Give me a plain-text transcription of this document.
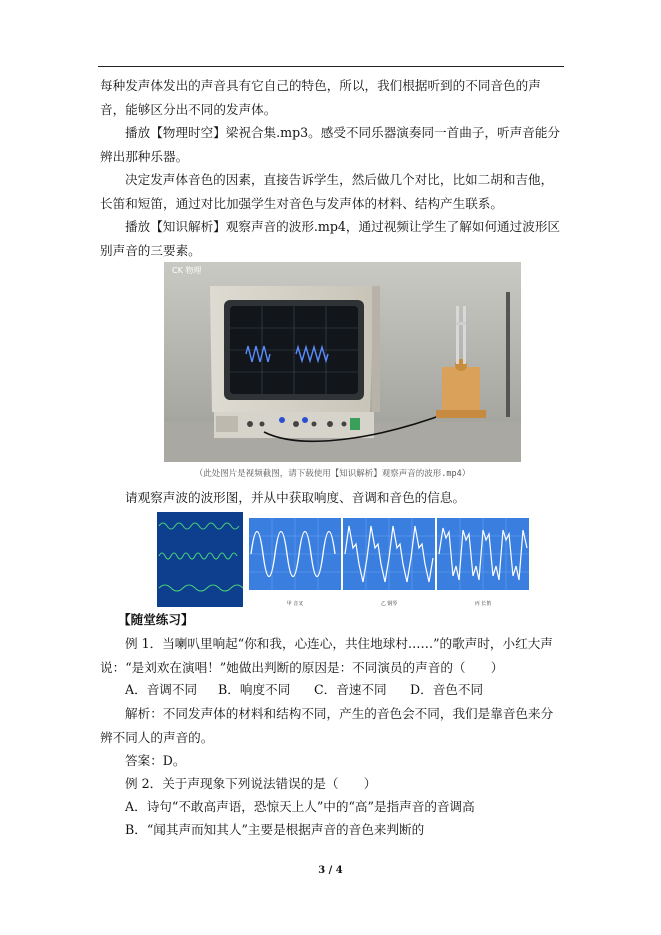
每种发声体发出的声音具有它自己的特色，所以，我们根据听到的不同音色的声音，能够区分出不同的发声体。

播放【物理时空】梁祝合集.mp3。感受不同乐器演奏同一首曲子，听声音能分辨出那种乐器。

决定发声体音色的因素，直接告诉学生，然后做几个对比，比如二胡和吉他，长笛和短笛，通过对比加强学生对音色与发声体的材料、结构产生联系。

播放【知识解析】观察声音的波形.mp4，通过视频让学生了解如何通过波形区别声音的三要素。

CK 物理
（此处图片是视频截图，请下载使用【知识解析】观察声音的波形.mp4）

请观察声波的波形图，并从中获取响度、音调和音色的信息。

甲 音叉	乙 钢琴	丙 长笛

【随堂练习】

例 1．当喇叭里响起“你和我，心连心，共住地球村……”的歌声时，小红大声说：“是刘欢在演唱！”她做出判断的原因是：不同演员的声音的（　　）

A．音调不同 B．响度不同 C．音速不同 D．音色不同

解析：不同发声体的材料和结构不同，产生的音色会不同，我们是靠音色来分辨不同人的声音的。

答案：D。

例 2．关于声现象下列说法错误的是（　　）

A．诗句“不敢高声语，恐惊天上人”中的“高”是指声音的音调高

B．“闻其声而知其人”主要是根据声音的音色来判断的

3 / 4
